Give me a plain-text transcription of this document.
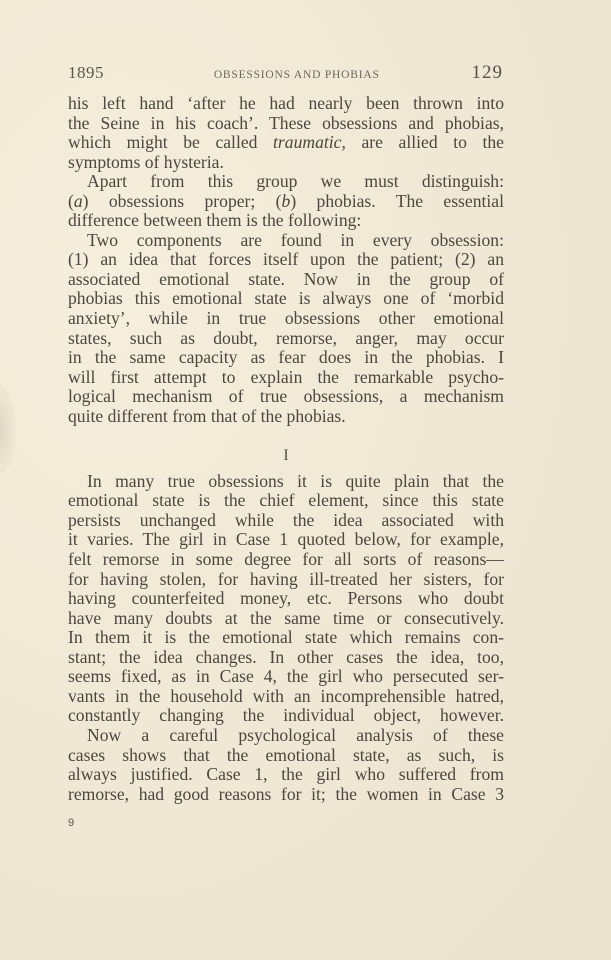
1895	OBSESSIONS AND PHOBIAS	129
his left hand ‘after he had nearly been thrown into
the Seine in his coach’. These obsessions and phobias,
which might be called traumatic, are allied to the
symptoms of hysteria.
Apart from this group we must distinguish:
(a) obsessions proper; (b) phobias. The essential
difference between them is the following:
Two components are found in every obsession:
(1) an idea that forces itself upon the patient; (2) an
associated emotional state. Now in the group of
phobias this emotional state is always one of ‘morbid
anxiety’, while in true obsessions other emotional
states, such as doubt, remorse, anger, may occur
in the same capacity as fear does in the phobias. I
will first attempt to explain the remarkable psycho-
logical mechanism of true obsessions, a mechanism
quite different from that of the phobias.
I
In many true obsessions it is quite plain that the
emotional state is the chief element, since this state
persists unchanged while the idea associated with
it varies. The girl in Case 1 quoted below, for example,
felt remorse in some degree for all sorts of reasons—
for having stolen, for having ill-treated her sisters, for
having counterfeited money, etc. Persons who doubt
have many doubts at the same time or consecutively.
In them it is the emotional state which remains con-
stant; the idea changes. In other cases the idea, too,
seems fixed, as in Case 4, the girl who persecuted ser-
vants in the household with an incomprehensible hatred,
constantly changing the individual object, however.
Now a careful psychological analysis of these
cases shows that the emotional state, as such, is
always justified. Case 1, the girl who suffered from
remorse, had good reasons for it; the women in Case 3
9
